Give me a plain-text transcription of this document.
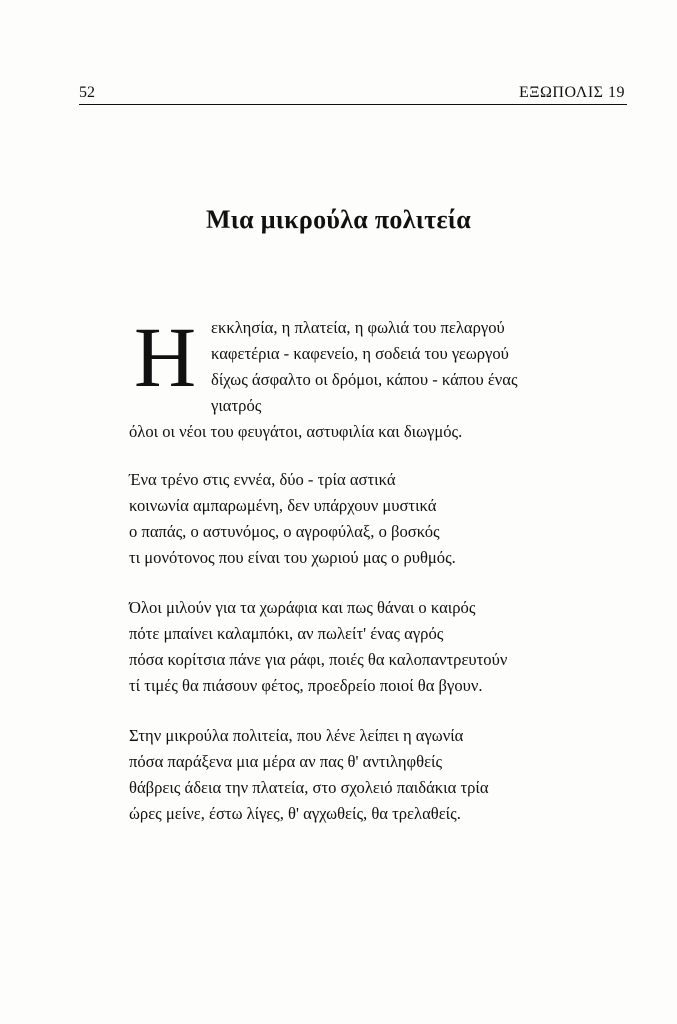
52	ΕΞΩΠΟΛΙΣ 19
Μια μικρούλα πολιτεία
Η εκκλησία, η πλατεία, η φωλιά του πελαργού
καφετέρια - καφενείο, η σοδειά του γεωργού
δίχως άσφαλτο οι δρόμοι, κάπου - κάπου ένας
γιατρός
όλοι οι νέοι του φευγάτοι, αστυφιλία και διωγμός.
Ένα τρένο στις εννέα, δύο - τρία αστικά
κοινωνία αμπαρωμένη, δεν υπάρχουν μυστικά
ο παπάς, ο αστυνόμος, ο αγροφύλαξ, ο βοσκός
τι μονότονος που είναι του χωριού μας ο ρυθμός.
Όλοι μιλούν για τα χωράφια και πως θάναι ο καιρός
πότε μπαίνει καλαμπόκι, αν πωλείτ' ένας αγρός
πόσα κορίτσια πάνε για ράφι, ποιές θα καλοπαντρευτούν
τί τιμές θα πιάσουν φέτος, προεδρείο ποιοί θα βγουν.
Στην μικρούλα πολιτεία, που λένε λείπει η αγωνία
πόσα παράξενα μια μέρα αν πας θ' αντιληφθείς
θάβρεις άδεια την πλατεία, στο σχολειό παιδάκια τρία
ώρες μείνε, έστω λίγες, θ' αγχωθείς, θα τρελαθείς.
